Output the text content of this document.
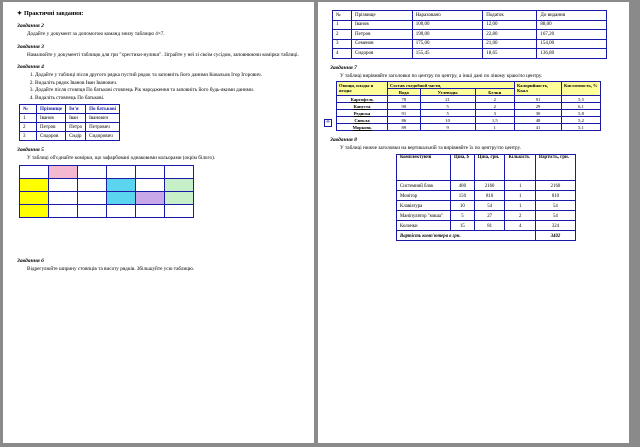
✦ Практичні завдання:
Завдання 2

Додайте у документ за допомогою команд знизу таблицю 4×7.

Завдання 3

Намалюйте у документі таблицю для гри "хрестики-нулики". Зіграйте у неї зі своїм сусідом, заповнюючи комірки таблиці.

Завдання 4
1. Додайте у таблиці після другого рядка пустий рядок та заповніть його даними Ковальов Ігор Ігорович.
2. Видаліть рядок Іванов Іван Іванович.
3. Додайте після стовпця По батькові стовпець Рік народження та заповніть його будь-якими даними.
4. Видаліть стовпець По батькові.
№	Прізвище	Ім'я	По батькові
1	Іванов	Іван	Іванович
2	Петров	Петро	Петрович
3	Сидоров	Сидір	Сидорович
Завдання 5

У таблиці об'єднайте комірки, що зафарбовані однаковими кольорами (окрім білого).

Завдання 6

Відрегулюйте ширину стовпців та висоту рядків. Збільшуйте усю таблицю.

№	Прізвище	Нараховано	Податок	До видання
1	Іванов	100,00	12,00	88,00
2	Петров	190,00	22,80	167,20
3	Семенов	175,00	21,00	154,00
4	Сидоров	155,45	18,65	136,80
Завдання 7

У таблиці вирівняйте заголовки по центру по центру, а інші дані по лівому краю/по центру.

✛
Овощи, плоды и ягоды	Состав съедобной части,			Калорийность, Ккал	Кислотность, %
	Вода	Углеводы	Белки		
Картофель	78	21	2	91	5,5
Капуста	90	5	2	29	6,1
Редиска	91	5	3	30	5,8
Свекла	86	10	1,5	48	5,2
Морковь	89	9	1	41	5,1
Завдання 8

У таблиці нижче заголовки на вертикальній та вирівняйте їх по центру/по центру.

Комплектуючі	Ціна, $	Ціна, грн.	Кількість	Вартість, грн.
Системний блок	400	2160	1	2160
Монітор	150	810	1	810
Клавіатура	10	54	1	54
Маніпулятор "миша"	5	27	2	54
Колонки	15	81	4	324
Вартість комп'ютера в грн.				3402
